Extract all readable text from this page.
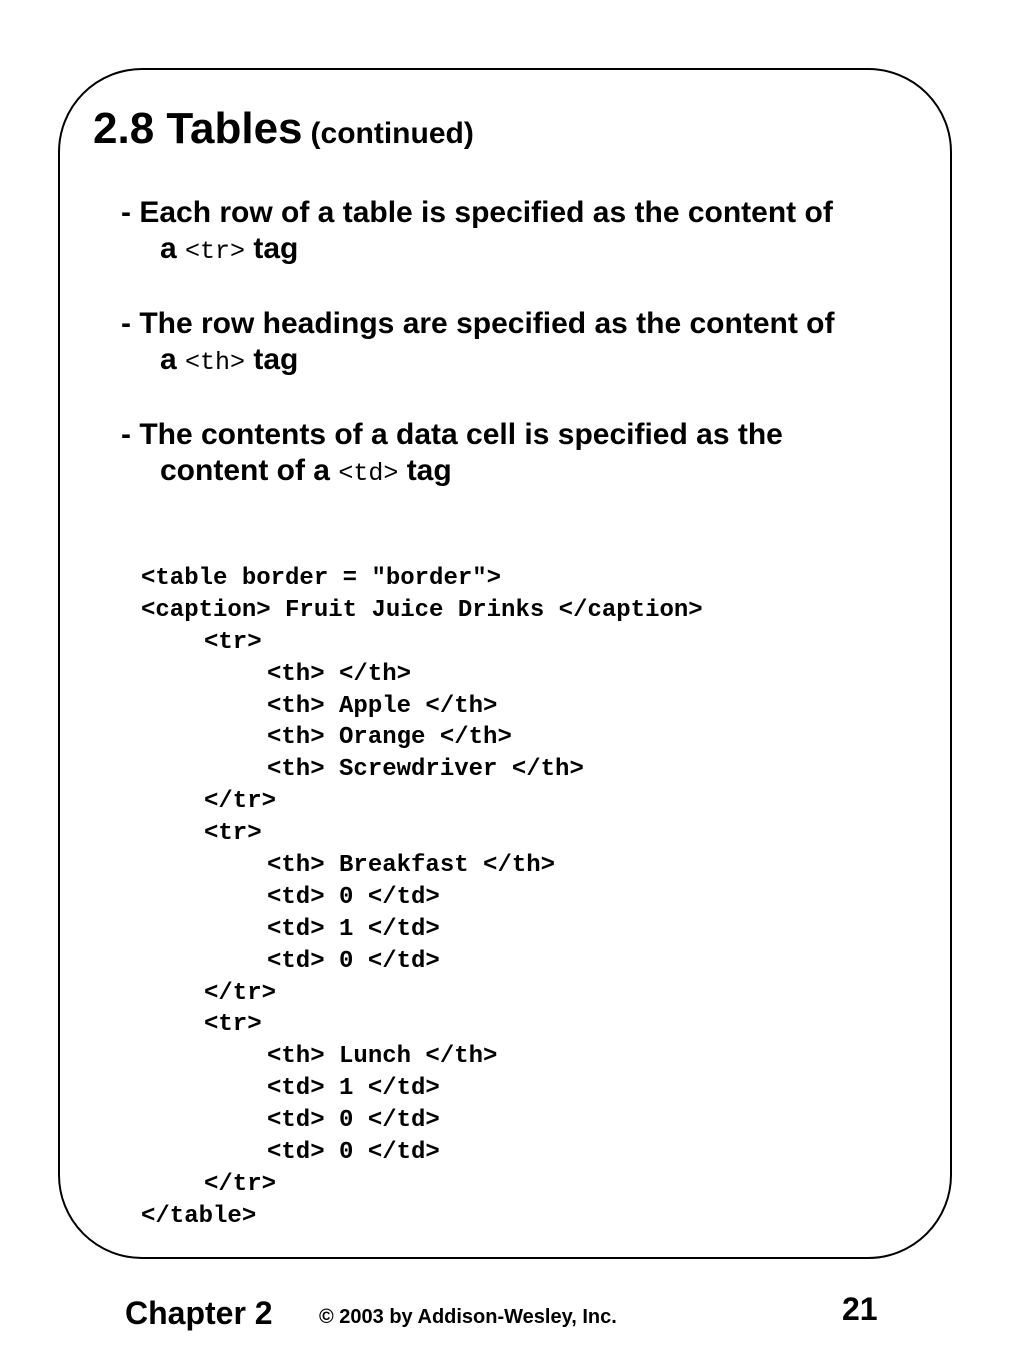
2.8 Tables (continued)
- Each row of a table is specified as the content of
a <tr> tag
- The row headings are specified as the content of
a <th> tag
- The contents of a data cell is specified as the
content of a <td> tag
<table border = "border">
<caption> Fruit Juice Drinks </caption>
<tr>
<th> </th>
<th> Apple </th>
<th> Orange </th>
<th> Screwdriver </th>
</tr>
<tr>
<th> Breakfast </th>
<td> 0 </td>
<td> 1 </td>
<td> 0 </td>
</tr>
<tr>
<th> Lunch </th>
<td> 1 </td>
<td> 0 </td>
<td> 0 </td>
</tr>
</table>
Chapter 2 © 2003 by Addison-Wesley, Inc.	21
